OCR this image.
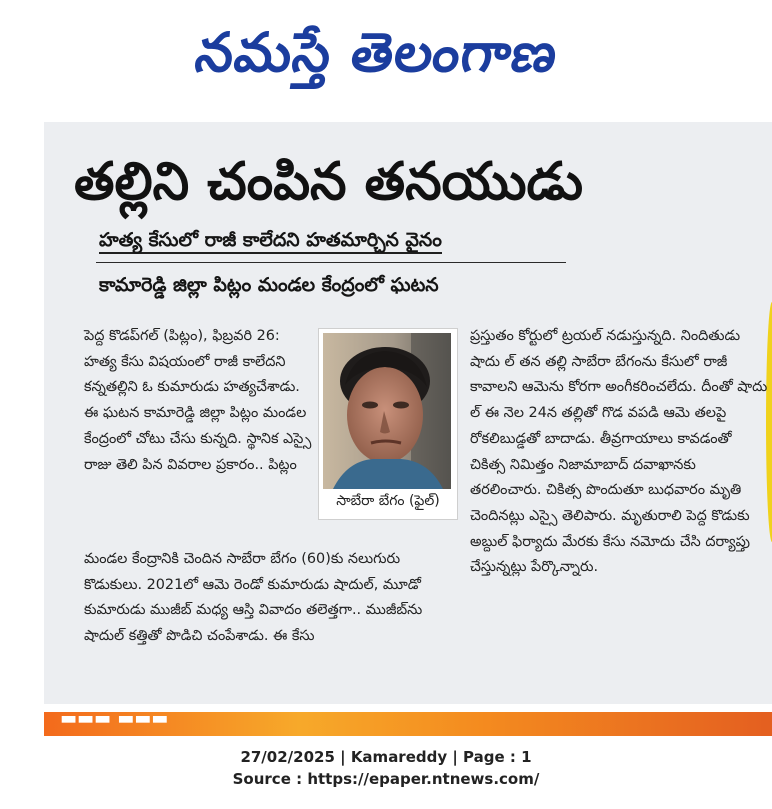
నమస్తే తెలంగాణ
తల్లిని చంపిన తనయుడు
హత్య కేసులో రాజీ కాలేదని హతమార్చిన వైనం
కామారెడ్డి జిల్లా పిట్లం మండల కేంద్రంలో ఘటన
పెద్ద కొడప్‌గల్ (పిట్లం), ఫిబ్రవరి 26: హత్య కేసు విషయంలో రాజీ కాలేదని కన్నతల్లిని ఓ కుమారుడు హత్యచేశాడు. ఈ ఘటన కామారెడ్డి జిల్లా పిట్లం మండల కేంద్రంలో చోటు చేసు కున్నది. స్థానిక ఎస్సై రాజు తెలి పిన వివరాల ప్రకారం.. పిట్లం
సాబేరా బేగం (ఫైల్)
మండల కేంద్రానికి చెందిన సాబేరా బేగం (60)కు నలుగురు కొడుకులు. 2021లో ఆమె రెండో కుమారుడు షాదుల్, మూడో కుమారుడు ముజీబ్ మధ్య ఆస్తి వివాదం తలెత్తగా.. ముజీబ్‌ను షాదుల్ కత్తితో పొడిచి చంపేశాడు. ఈ కేసు
ప్రస్తుతం కోర్టులో ట్రయల్ నడుస్తున్నది. నిందితుడు షాదు ల్ తన తల్లి సాబేరా బేగంను కేసులో రాజీ కావాలని ఆమెను కోరగా అంగీకరించలేదు. దీంతో షాదు ల్ ఈ నెల 24న తల్లితో గొడ వపడి ఆమె తలపై రోకలిబుడ్డతో బాదాడు. తీవ్రగాయాలు కావడంతో చికిత్స నిమిత్తం నిజామాబాద్ దవాఖానకు తరలించారు. చికిత్స పొందుతూ బుధవారం మృతి చెందినట్లు ఎస్సై తెలిపారు. మృతురాలి పెద్ద కొడుకు అబ్దుల్ ఫిర్యాదు మేరకు కేసు నమోదు చేసి దర్యాప్తు చేస్తున్నట్లు పేర్కొన్నారు.
▬▬▬ ▬▬▬
27/02/2025 | Kamareddy | Page : 1
Source : https://epaper.ntnews.com/
